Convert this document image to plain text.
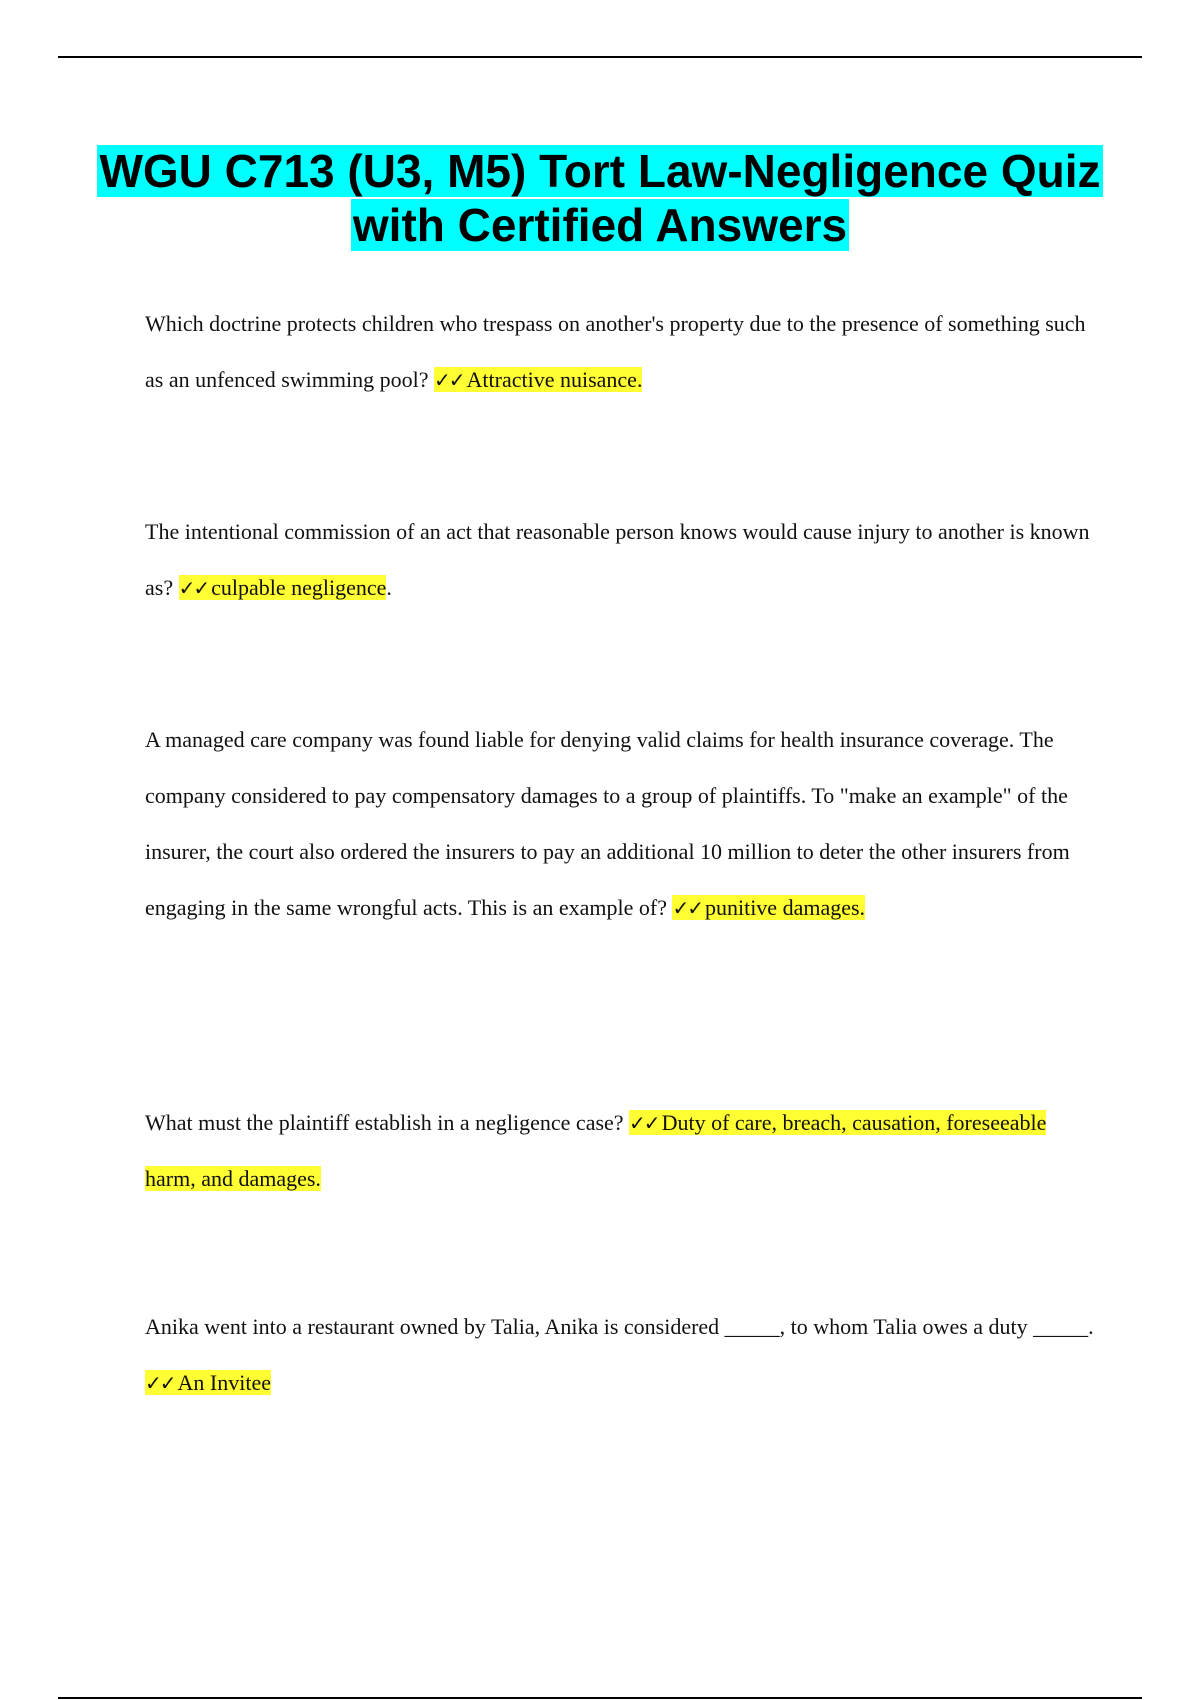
WGU C713 (U3, M5) Tort Law-Negligence Quiz with Certified Answers

Which doctrine protects children who trespass on another's property due to the presence of something such as an unfenced swimming pool? ✓✓ Attractive nuisance.

The intentional commission of an act that reasonable person knows would cause injury to another is known as? ✓✓ culpable negligence.

A managed care company was found liable for denying valid claims for health insurance coverage. The company considered to pay compensatory damages to a group of plaintiffs. To "make an example" of the insurer, the court also ordered the insurers to pay an additional 10 million to deter the other insurers from engaging in the same wrongful acts. This is an example of? ✓✓ punitive damages.

What must the plaintiff establish in a negligence case? ✓✓ Duty of care, breach, causation, foreseeable harm, and damages.

Anika went into a restaurant owned by Talia, Anika is considered _____, to whom Talia owes a duty _____. ✓✓ An Invitee
